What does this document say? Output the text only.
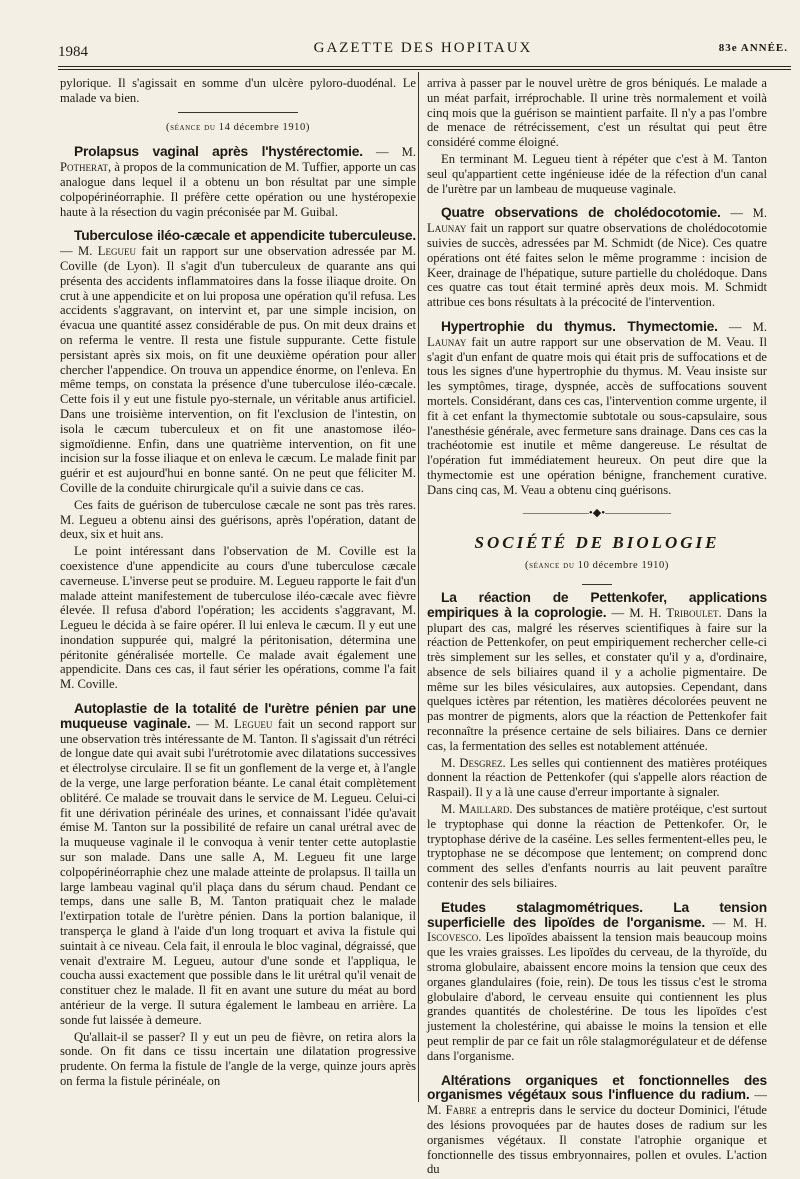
1984	GAZETTE DES HOPITAUX	83e ANNÉE.

pylorique. Il s'agissait en somme d'un ulcère pyloro-duodénal. Le malade va bien.

(séance du 14 décembre 1910)

Prolapsus vaginal après l'hystérectomie. — M. Potherat, à propos de la communication de M. Tuffier, apporte un cas analogue dans lequel il a obtenu un bon résultat par une simple colpopérinéorraphie. Il préfère cette opération ou une hystéropexie haute à la résection du vagin préconisée par M. Guibal.

Tuberculose iléo-cæcale et appendicite tuberculeuse. — M. Legueu fait un rapport sur une observation adressée par M. Coville (de Lyon). Il s'agit d'un tuberculeux de quarante ans qui présenta des accidents inflammatoires dans la fosse iliaque droite. On crut à une appendicite et on lui proposa une opération qu'il refusa. Les accidents s'aggravant, on intervint et, par une simple incision, on évacua une quantité assez considérable de pus. On mit deux drains et on referma le ventre. Il resta une fistule suppurante. Cette fistule persistant après six mois, on fit une deuxième opération pour aller chercher l'appendice. On trouva un appendice énorme, on l'enleva. En même temps, on constata la présence d'une tuberculose iléo-cæcale. Cette fois il y eut une fistule pyo-sternale, un véritable anus artificiel. Dans une troisième intervention, on fit l'exclusion de l'intestin, on isola le cæcum tuberculeux et on fit une anastomose iléo-sigmoïdienne. Enfin, dans une quatrième intervention, on fit une incision sur la fosse iliaque et on enleva le cæcum. Le malade finit par guérir et est aujourd'hui en bonne santé. On ne peut que féliciter M. Coville de la conduite chirurgicale qu'il a suivie dans ce cas.

Ces faits de guérison de tuberculose cæcale ne sont pas très rares. M. Legueu a obtenu ainsi des guérisons, après l'opération, datant de deux, six et huit ans.

Le point intéressant dans l'observation de M. Coville est la coexistence d'une appendicite au cours d'une tuberculose cæcale caverneuse. L'inverse peut se produire. M. Legueu rapporte le fait d'un malade atteint manifestement de tuberculose iléo-cæcale avec fièvre élevée. Il refusa d'abord l'opération; les accidents s'aggravant, M. Legueu le décida à se faire opérer. Il lui enleva le cæcum. Il y eut une inondation suppurée qui, malgré la péritonisation, détermina une péritonite généralisée mortelle. Ce malade avait également une appendicite. Dans ces cas, il faut sérier les opérations, comme l'a fait M. Coville.

Autoplastie de la totalité de l'urètre pénien par une muqueuse vaginale. — M. Legueu fait un second rapport sur une observation très intéressante de M. Tanton. Il s'agissait d'un rétréci de longue date qui avait subi l'urétrotomie avec dilatations successives et électrolyse circulaire. Il se fit un gonflement de la verge et, à l'angle de la verge, une large perforation béante. Le canal était complètement oblitéré. Ce malade se trouvait dans le service de M. Legueu. Celui-ci fit une dérivation périnéale des urines, et connaissant l'idée qu'avait émise M. Tanton sur la possibilité de refaire un canal urétral avec de la muqueuse vaginale il le convoqua à venir tenter cette autoplastie sur son malade. Dans une salle A, M. Legueu fit une large colpopérinéorraphie chez une malade atteinte de prolapsus. Il tailla un large lambeau vaginal qu'il plaça dans du sérum chaud. Pendant ce temps, dans une salle B, M. Tanton pratiquait chez le malade l'extirpation totale de l'urètre pénien. Dans la portion balanique, il transperça le gland à l'aide d'un long troquart et aviva la fistule qui suintait à ce niveau. Cela fait, il enroula le bloc vaginal, dégraissé, que venait d'extraire M. Legueu, autour d'une sonde et l'appliqua, le coucha aussi exactement que possible dans le lit urétral qu'il venait de constituer chez le malade. Il fit en avant une suture du méat au bord antérieur de la verge. Il sutura également le lambeau en arrière. La sonde fut laissée à demeure.

Qu'allait-il se passer? Il y eut un peu de fièvre, on retira alors la sonde. On fit dans ce tissu incertain une dilatation progressive prudente. On ferma la fistule de l'angle de la verge, quinze jours après on ferma la fistule périnéale, on

arriva à passer par le nouvel urètre de gros béniqués. Le malade a un méat parfait, irréprochable. Il urine très normalement et voilà cinq mois que la guérison se maintient parfaite. Il n'y a pas l'ombre de menace de rétrécissement, c'est un résultat qui peut être considéré comme éloigné.

En terminant M. Legueu tient à répéter que c'est à M. Tanton seul qu'appartient cette ingénieuse idée de la réfection d'un canal de l'urètre par un lambeau de muqueuse vaginale.

Quatre observations de cholédocotomie. — M. Launay fait un rapport sur quatre observations de cholédocotomie suivies de succès, adressées par M. Schmidt (de Nice). Ces quatre opérations ont été faites selon le même programme : incision de Keer, drainage de l'hépatique, suture partielle du cholédoque. Dans ces quatre cas tout était terminé après deux mois. M. Schmidt attribue ces bons résultats à la précocité de l'intervention.

Hypertrophie du thymus. Thymectomie. — M. Launay fait un autre rapport sur une observation de M. Veau. Il s'agit d'un enfant de quatre mois qui était pris de suffocations et de tous les signes d'une hypertrophie du thymus. M. Veau insiste sur les symptômes, tirage, dyspnée, accès de suffocations souvent mortels. Considérant, dans ces cas, l'intervention comme urgente, il fit à cet enfant la thymectomie subtotale ou sous-capsulaire, sous l'anesthésie générale, avec fermeture sans drainage. Dans ces cas la trachéotomie est inutile et même dangereuse. Le résultat de l'opération fut immédiatement heureux. On peut dire que la thymectomie est une opération bénigne, franchement curative. Dans cinq cas, M. Veau a obtenu cinq guérisons.

——————•◆•——————
SOCIÉTÉ DE BIOLOGIE
(séance du 10 décembre 1910)

La réaction de Pettenkofer, applications empiriques à la coprologie. — M. H. Triboulet. Dans la plupart des cas, malgré les réserves scientifiques à faire sur la réaction de Pettenkofer, on peut empiriquement rechercher celle-ci très simplement sur les selles, et constater qu'il y a, d'ordinaire, absence de sels biliaires quand il y a acholie pigmentaire. De même sur les biles vésiculaires, aux autopsies. Cependant, dans quelques ictères par rétention, les matières décolorées peuvent ne pas montrer de pigments, alors que la réaction de Pettenkofer fait reconnaître la présence certaine de sels biliaires. Dans ce dernier cas, la fermentation des selles est notablement atténuée.

M. Desgrez. Les selles qui contiennent des matières protéiques donnent la réaction de Pettenkofer (qui s'appelle alors réaction de Raspail). Il y a là une cause d'erreur importante à signaler.

M. Maillard. Des substances de matière protéique, c'est surtout le tryptophase qui donne la réaction de Pettenkofer. Or, le tryptophase dérive de la caséine. Les selles fermentent-elles peu, le tryptophase ne se décompose que lentement; on comprend donc comment des selles d'enfants nourris au lait peuvent paraître contenir des sels biliaires.

Etudes stalagmométriques. La tension superficielle des lipoïdes de l'organisme. — M. H. Iscovesco. Les lipoïdes abaissent la tension mais beaucoup moins que les vraies graisses. Les lipoïdes du cerveau, de la thyroïde, du stroma globulaire, abaissent encore moins la tension que ceux des organes glandulaires (foie, rein). De tous les tissus c'est le stroma globulaire d'abord, le cerveau ensuite qui contiennent les plus grandes quantités de cholestérine. De tous les lipoïdes c'est justement la cholestérine, qui abaisse le moins la tension et elle peut remplir de par ce fait un rôle stalagmorégulateur et de défense dans l'organisme.

Altérations organiques et fonctionnelles des organismes végétaux sous l'influence du radium. — M. Fabre a entrepris dans le service du docteur Dominici, l'étude des lésions provoquées par de hautes doses de radium sur les organismes végétaux. Il constate l'atrophie organique et fonctionnelle des tissus embryonnaires, pollen et ovules. L'action du
